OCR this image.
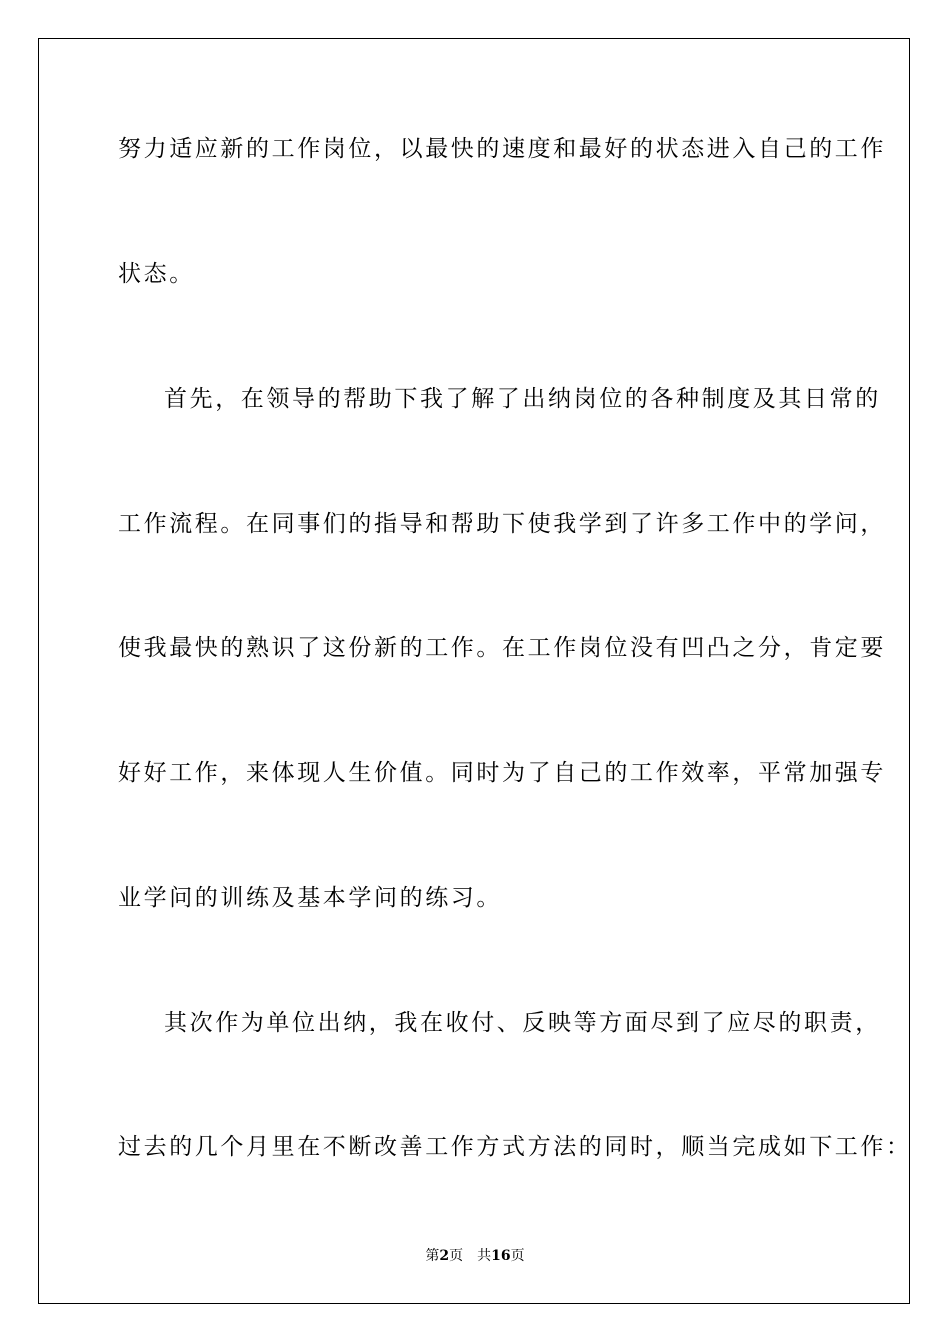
努力适应新的工作岗位，以最快的速度和最好的状态进入自己的工作
状态。
首先，在领导的帮助下我了解了出纳岗位的各种制度及其日常的
工作流程。在同事们的指导和帮助下使我学到了许多工作中的学问，
使我最快的熟识了这份新的工作。在工作岗位没有凹凸之分，肯定要
好好工作，来体现人生价值。同时为了自己的工作效率，平常加强专
业学问的训练及基本学问的练习。
其次作为单位出纳，我在收付、反映等方面尽到了应尽的职责，
过去的几个月里在不断改善工作方式方法的同时，顺当完成如下工作：
第2页 共16页
